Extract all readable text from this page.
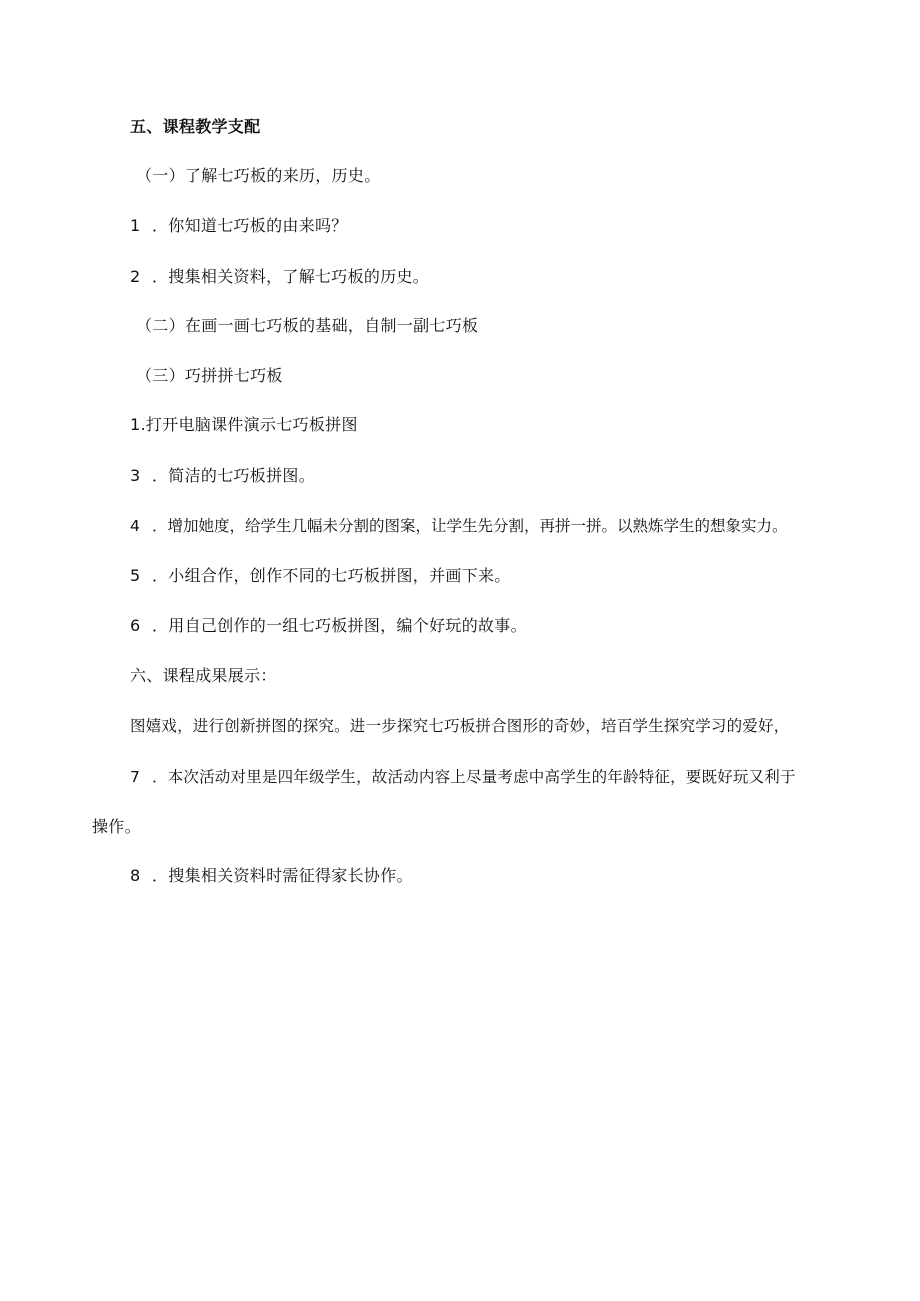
五、课程教学支配
（一）了解七巧板的来历，历史。
1 ．你知道七巧板的由来吗？
2 ．搜集相关资料，了解七巧板的历史。
（二）在画一画七巧板的基础，自制一副七巧板
（三）巧拼拼七巧板
1.打开电脑课件演示七巧板拼图
3 ．简洁的七巧板拼图。
4 ．增加她度，给学生几幅未分割的图案，让学生先分割，再拼一拼。以熟炼学生的想象实力。
5 ．小组合作，创作不同的七巧板拼图，并画下来。
6 ．用自己创作的一组七巧板拼图，编个好玩的故事。
六、课程成果展示：
图嬉戏，进行创新拼图的探究。进一步探究七巧板拼合图形的奇妙，培百学生探究学习的爱好，
7 ．本次活动对里是四年级学生，故活动内容上尽量考虑中高学生的年龄特征，要既好玩又利于
操作。
8 ．搜集相关资料时需征得家长协作。
